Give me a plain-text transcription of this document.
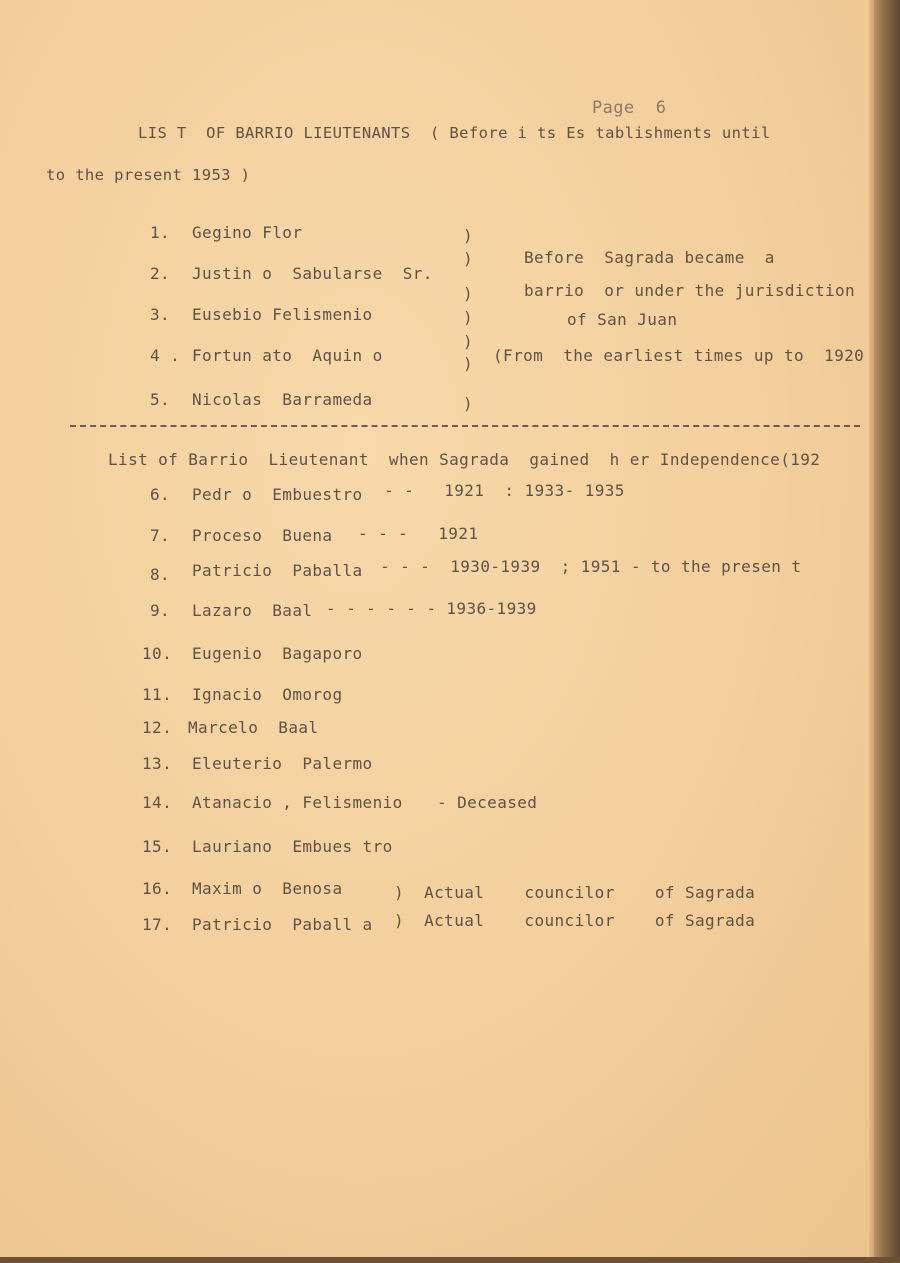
Page  6
LIS T  OF BARRIO LIEUTENANTS  ( Before i ts Es tablishments until
to the present 1953 )
1. Gegino Flor
2. Justin o  Sabularse  Sr.
3. Eusebio Felismenio
4 . Fortun ato  Aquin o
5. Nicolas  Barrameda
)
)
)
)
)
)
)
Before  Sagrada became  a
barrio  or under the jurisdiction
of San Juan
(From  the earliest times up to  1920
List of Barrio  Lieutenant  when Sagrada  gained  h er Independence(192
6. Pedr o  Embuestro - -   1921  : 1933- 1935
7. Proceso  Buena - - -   1921
8. Patricio  Paballa - - -  1930-1939  ; 1951 - to the presen t
9. Lazaro  Baal - - - - - - 1936-1939
10. Eugenio  Bagaporo
11. Ignacio  Omorog
12. Marcelo  Baal
13. Eleuterio  Palermo
14. Atanacio , Felismenio - Deceased
15. Lauriano  Embues tro
16. Maxim o  Benosa	)  Actual    councilor    of Sagrada
17. Patricio  Paball a )  Actual    councilor    of Sagrada
